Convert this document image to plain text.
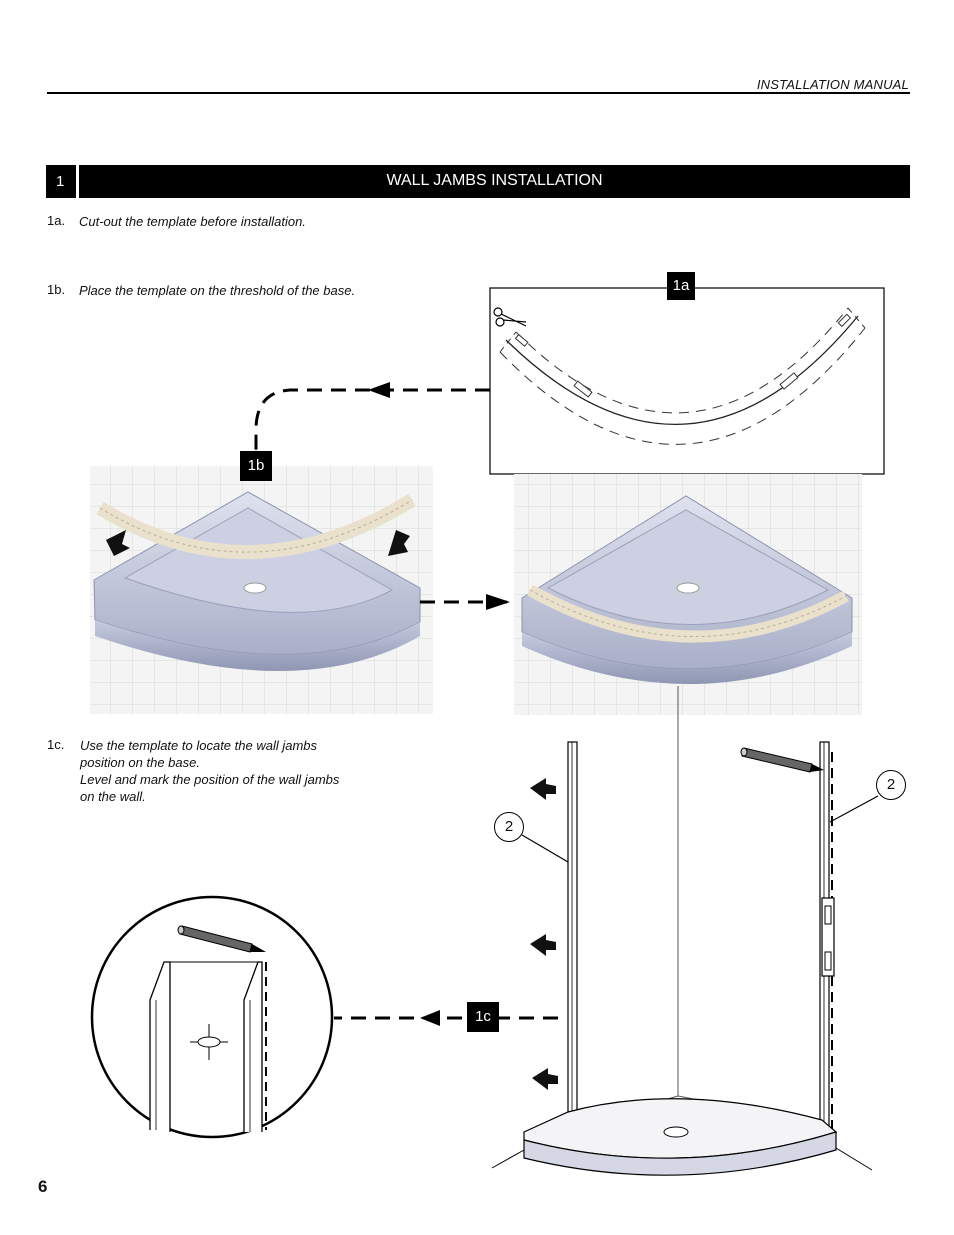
INSTALLATION MANUAL
1	WALL JAMBS INSTALLATION
1a. Cut-out the template before installation.
1b. Place the template on the threshold of the base.
1c. Use the template to locate the wall jambs
position on the base.
Level and mark the position of the wall jambs
on the wall.
1a
1b
1c
2
2
6
